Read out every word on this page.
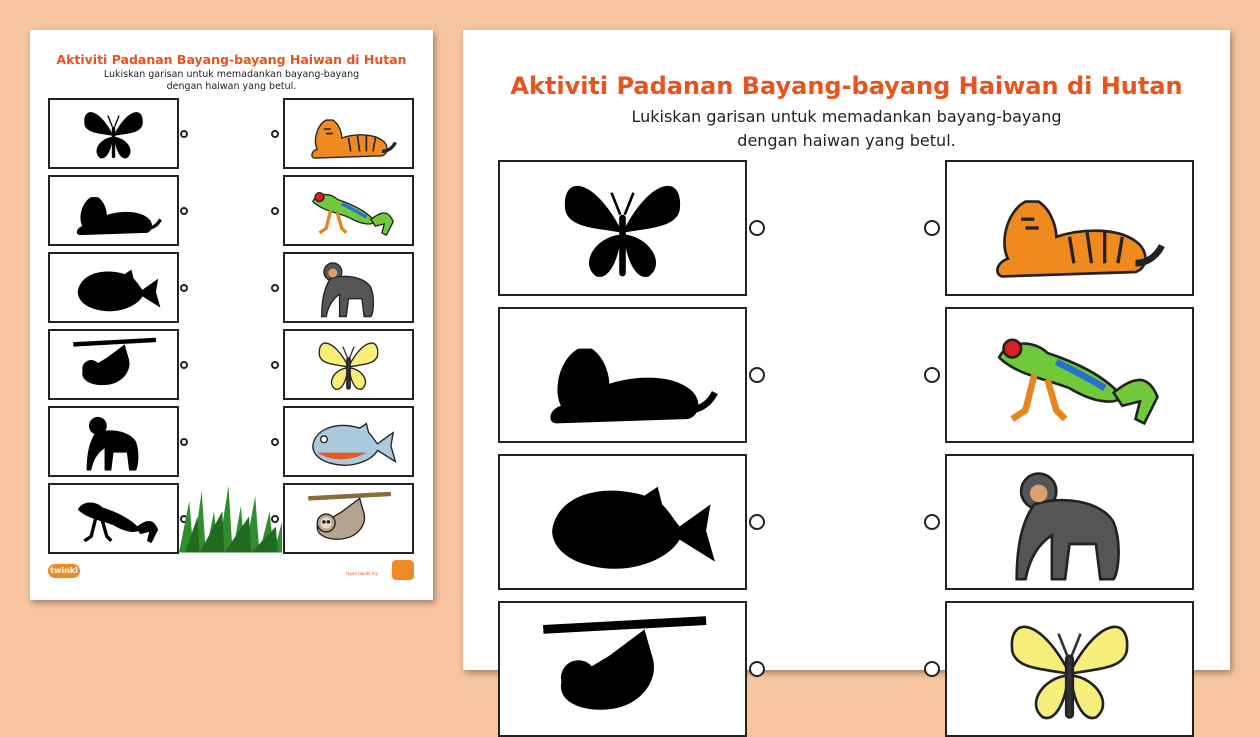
Aktiviti Padanan Bayang-bayang Haiwan di Hutan
Lukiskan garisan untuk memadankan bayang-bayang
dengan haiwan yang betul.
twinkl	layari twinkl.my
Aktiviti Padanan Bayang-bayang Haiwan di Hutan
Lukiskan garisan untuk memadankan bayang-bayang
dengan haiwan yang betul.
